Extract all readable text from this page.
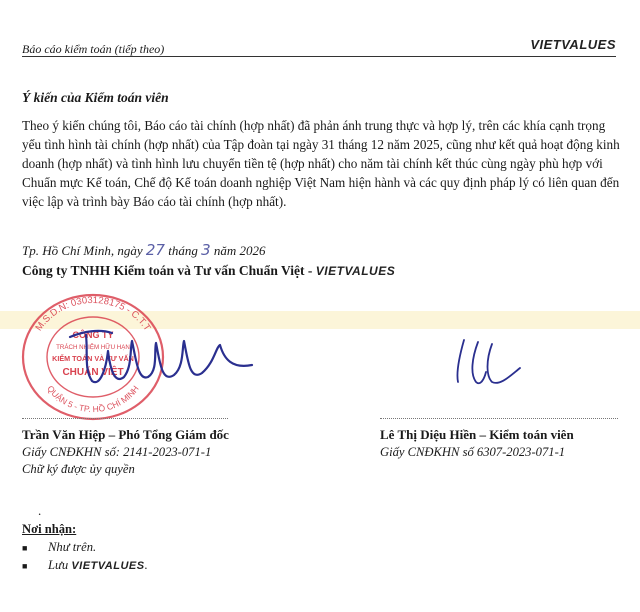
Báo cáo kiểm toán (tiếp theo)	VIETVALUES
Ý kiến của Kiểm toán viên

Theo ý kiến chúng tôi, Báo cáo tài chính (hợp nhất) đã phản ánh trung thực và hợp lý, trên các khía cạnh trọng yếu tình hình tài chính (hợp nhất) của Tập đoàn tại ngày 31 tháng 12 năm 2025, cũng như kết quả hoạt động kinh doanh (hợp nhất) và tình hình lưu chuyển tiền tệ (hợp nhất) cho năm tài chính kết thúc cùng ngày phù hợp với Chuẩn mực Kế toán, Chế độ Kế toán doanh nghiệp Việt Nam hiện hành và các quy định pháp lý có liên quan đến việc lập và trình bày Báo cáo tài chính (hợp nhất).

Tp. Hồ Chí Minh, ngày 27 tháng 3 năm 2026
Công ty TNHH Kiểm toán và Tư vấn Chuẩn Việt - VIETVALUES
M.S.D.N: 0303128175 - C.T.T
QUẬN 5 - TP. HỒ CHÍ MINH
CÔNG TY
TRÁCH NHIỆM HỮU HẠN
KIỂM TOÁN VÀ TƯ VẤN
CHUẨN VIỆT
Trần Văn Hiệp – Phó Tổng Giám đốc
Giấy CNĐKHN số: 2141-2023-071-1
Chữ ký được ủy quyền
Lê Thị Diệu Hiền – Kiểm toán viên
Giấy CNĐKHN số 6307-2023-071-1
.
Nơi nhận:
■ Như trên.
■ Lưu VIETVALUES.
